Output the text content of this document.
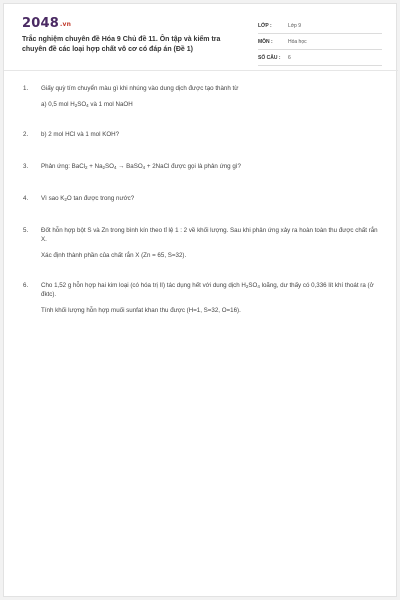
2048.vn
Trắc nghiệm chuyên đề Hóa 9 Chủ đề 11. Ôn tập và kiểm tra chuyên đề các loại hợp chất vô cơ có đáp án (Đề 1)
LỚP :	Lớp 9
MÔN :	Hóa học
SỐ CÂU : 6
1. Giấy quỳ tím chuyển màu gì khi nhúng vào dung dịch được tạo thành từ

a) 0,5 mol $H_2SO_4$ và 1 mol NaOH

2. b) 2 mol HCl và 1 mol KOH?

3. Phản ứng: BaCl$_2$ + $Na_2SO_4$ → BaSO$_4$ + 2NaCl được gọi là phản ứng gì?

4. Vì sao $K_2O$ tan được trong nước?

5. Đốt hỗn hợp bột S và Zn trong bình kín theo tỉ lệ 1 : 2 về khối lượng. Sau khi phản ứng xảy ra hoàn toàn thu được chất rắn X.

Xác định thành phần của chất rắn X (Zn = 65, S=32).

6. Cho 1,52 g hỗn hợp hai kim loại (có hóa trị II) tác dụng hết với dung dịch $H_2SO_4$ loãng, dư thấy có 0,336 lít khí thoát ra (ở đktc).

Tính khối lượng hỗn hợp muối sunfat khan thu được (H=1, S=32, O=16).
